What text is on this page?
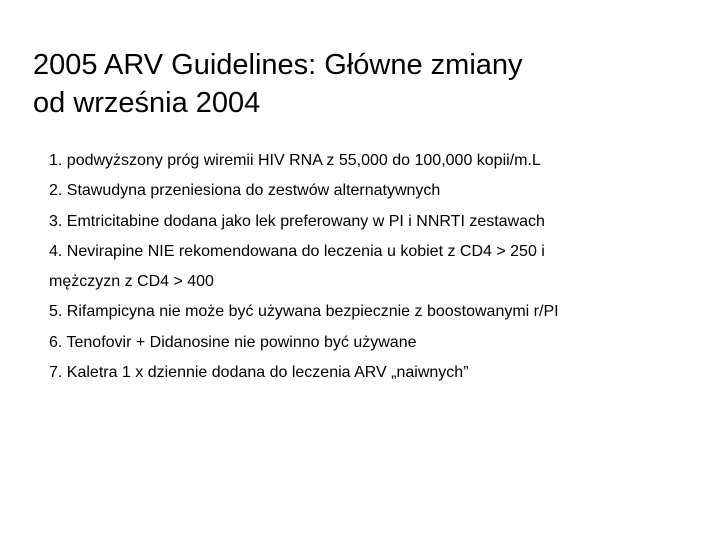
2005 ARV Guidelines: Główne zmiany
od września 2004
1. podwyższony próg wiremii HIV RNA z 55,000 do 100,000 kopii/m.L
2. Stawudyna przeniesiona do zestwów alternatywnych
3. Emtricitabine dodana jako lek preferowany w PI i NNRTI zestawach
4. Nevirapine NIE rekomendowana do leczenia u kobiet z CD4 > 250 i
mężczyzn z CD4 > 400
5. Rifampicyna nie może być używana bezpiecznie z boostowanymi r/PI
6. Tenofovir + Didanosine nie powinno być używane
7. Kaletra 1 x dziennie dodana do leczenia ARV „naiwnych”
